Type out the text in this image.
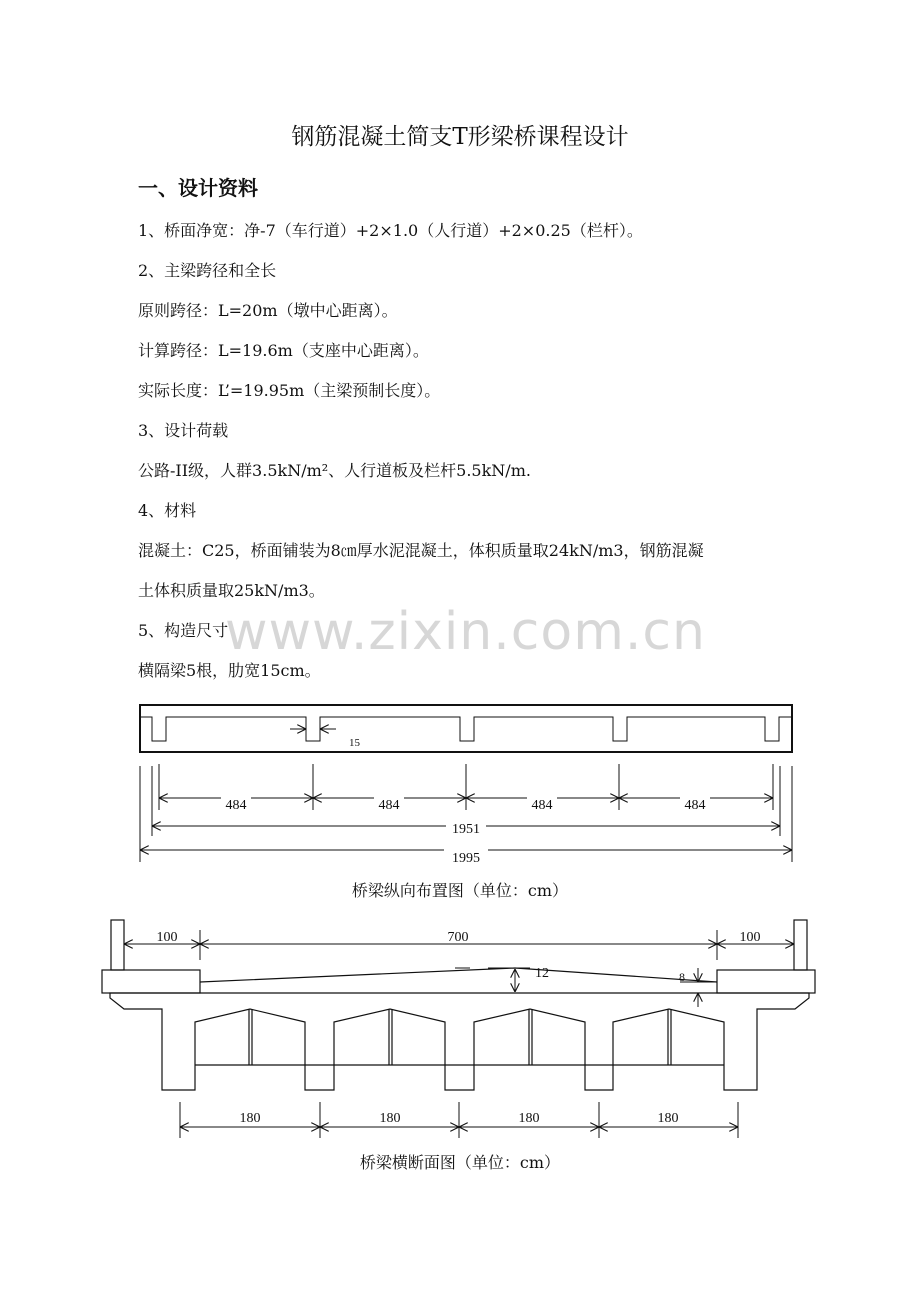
钢筋混凝土简支T形梁桥课程设计
一、设计资料
1、桥面净宽：净-7（车行道）+2×1.0（人行道）+2×0.25（栏杆）。
2、主梁跨径和全长
原则跨径：L=20m（墩中心距离）。
计算跨径：L=19.6m（支座中心距离）。
实际长度：L’=19.95m（主梁预制长度）。
3、设计荷载
公路-II级，人群3.5kN/m²、人行道板及栏杆5.5kN/m.
4、材料
混凝土：C25，桥面铺装为8㎝厚水泥混凝土，体积质量取24kN/m3，钢筋混凝
土体积质量取25kN/m3。
5、构造尺寸
横隔梁5根，肋宽15cm。
www.zixin.com.cn
15
484	484	484	484
1951
1995
100	700	100
12	8
180	180	180	180
桥梁纵向布置图（单位：cm）
桥梁横断面图（单位：cm）
